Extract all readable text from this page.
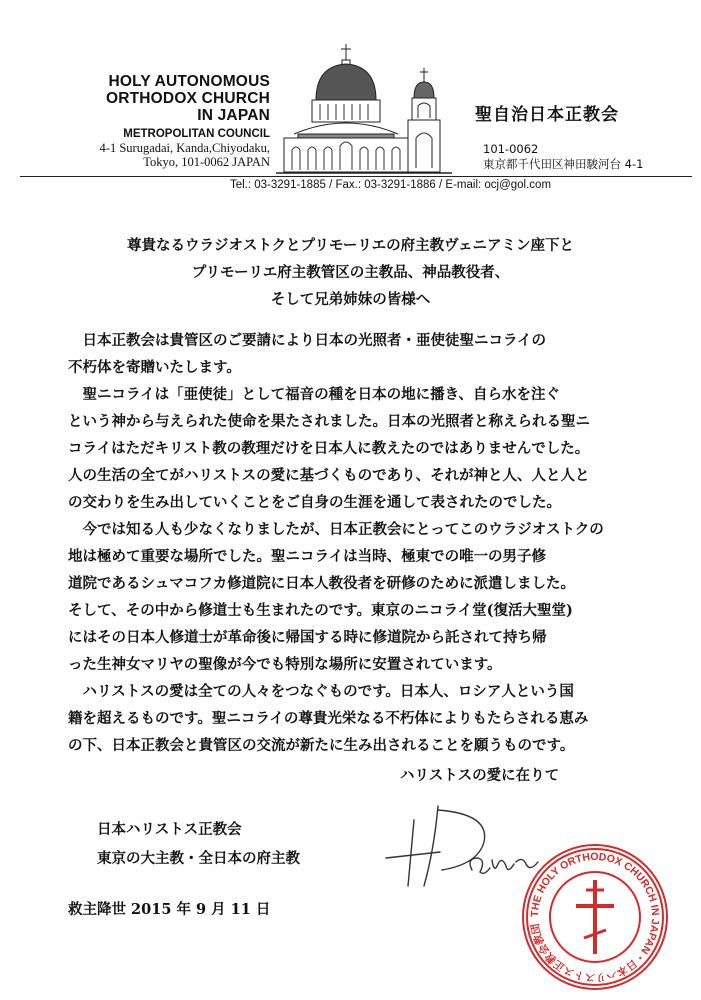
HOLY AUTONOMOUS
ORTHODOX CHURCH
IN JAPAN
METROPOLITAN COUNCIL
4-1 Surugadai, Kanda,Chiyodaku,
Tokyo, 101-0062 JAPAN
聖自治日本正教会
101-0062
東京都千代田区神田駿河台 4-1
Tel.: 03-3291-1885 / Fax.: 03-3291-1886 / E-mail: ocj@gol.com
尊貴なるウラジオストクとプリモーリエの府主教ヴェニアミン座下と
プリモーリエ府主教管区の主教品、神品教役者、
そして兄弟姉妹の皆様へ
　日本正教会は貴管区のご要請により日本の光照者・亜使徒聖ニコライの
不朽体を寄贈いたします。
　聖ニコライは「亜使徒」として福音の種を日本の地に播き、自ら水を注ぐ
という神から与えられた使命を果たされました。日本の光照者と称えられる聖ニ
コライはただキリスト教の教理だけを日本人に教えたのではありませんでした。
人の生活の全てがハリストスの愛に基づくものであり、それが神と人、人と人と
の交わりを生み出していくことをご自身の生涯を通して表されたのでした。
　今では知る人も少なくなりましたが、日本正教会にとってこのウラジオストクの
地は極めて重要な場所でした。聖ニコライは当時、極東での唯一の男子修
道院であるシュマコフカ修道院に日本人教役者を研修のために派遣しました。
そして、その中から修道士も生まれたのです。東京のニコライ堂(復活大聖堂)
にはその日本人修道士が革命後に帰国する時に修道院から託されて持ち帰
った生神女マリヤの聖像が今でも特別な場所に安置されています。
　ハリストスの愛は全ての人々をつなぐものです。日本人、ロシア人という国
籍を超えるものです。聖ニコライの尊貴光栄なる不朽体によりもたらされる恵み
の下、日本正教会と貴管区の交流が新たに生み出されることを願うものです。
ハリストスの愛に在りて
日本ハリストス正教会
東京の大主教・全日本の府主教
THE HOLY ORTHODOX CHURCH IN JAPAN・日本ハリストス正教会教団
救主降世 2015 年 9 月 11 日
